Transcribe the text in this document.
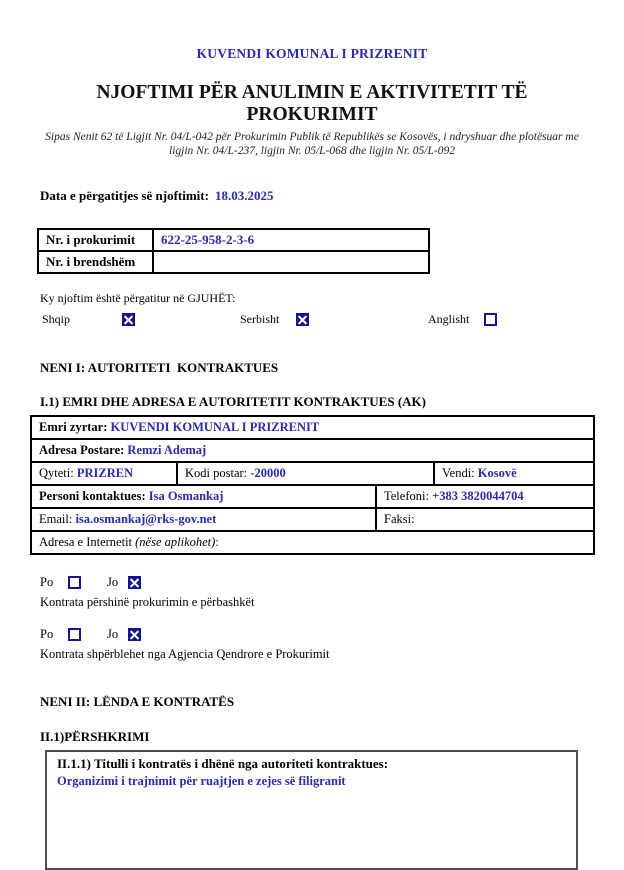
KUVENDI KOMUNAL I PRIZRENIT
NJOFTIMI PËR ANULIMIN E AKTIVITETIT TË PROKURIMIT
Sipas Nenit 62 të Ligjit Nr. 04/L-042 për Prokurimin Publik të Republikës se Kosovës, i ndryshuar dhe plotësuar me ligjin Nr. 04/L-237, ligjin Nr. 05/L-068 dhe ligjin Nr. 05/L-092
Data e përgatitjes së njoftimit: 18.03.2025
Nr. i prokurimit	622-25-958-2-3-6
Nr. i brendshëm	
Ky njoftim është përgatitur në GJUHËT:
Shqip	Serbisht	Anglisht
NENI I: AUTORITETI  KONTRAKTUES
I.1) EMRI DHE ADRESA E AUTORITETIT KONTRAKTUES (AK)
Emri zyrtar: KUVENDI KOMUNAL I PRIZRENIT			
Adresa Postare: Remzi Ademaj			
Qyteti: PRIZREN	Kodi postar: -20000		Vendi: Kosovë
Personi kontaktues: Isa Osmankaj		Telefoni: +383 3820044704	
Email: isa.osmankaj@rks-gov.net		Faksi:	
Adresa e Internetit (nëse aplikohet):			
Po	Jo
Kontrata përshinë prokurimin e përbashkët
Po	Jo
Kontrata shpërblehet nga Agjencia Qendrore e Prokurimit
NENI II: LËNDA E KONTRATËS
II.1)PËRSHKRIMI
II.1.1) Titulli i kontratës i dhënë nga autoriteti kontraktues:
Organizimi i trajnimit për ruajtjen e zejes së filigranit
